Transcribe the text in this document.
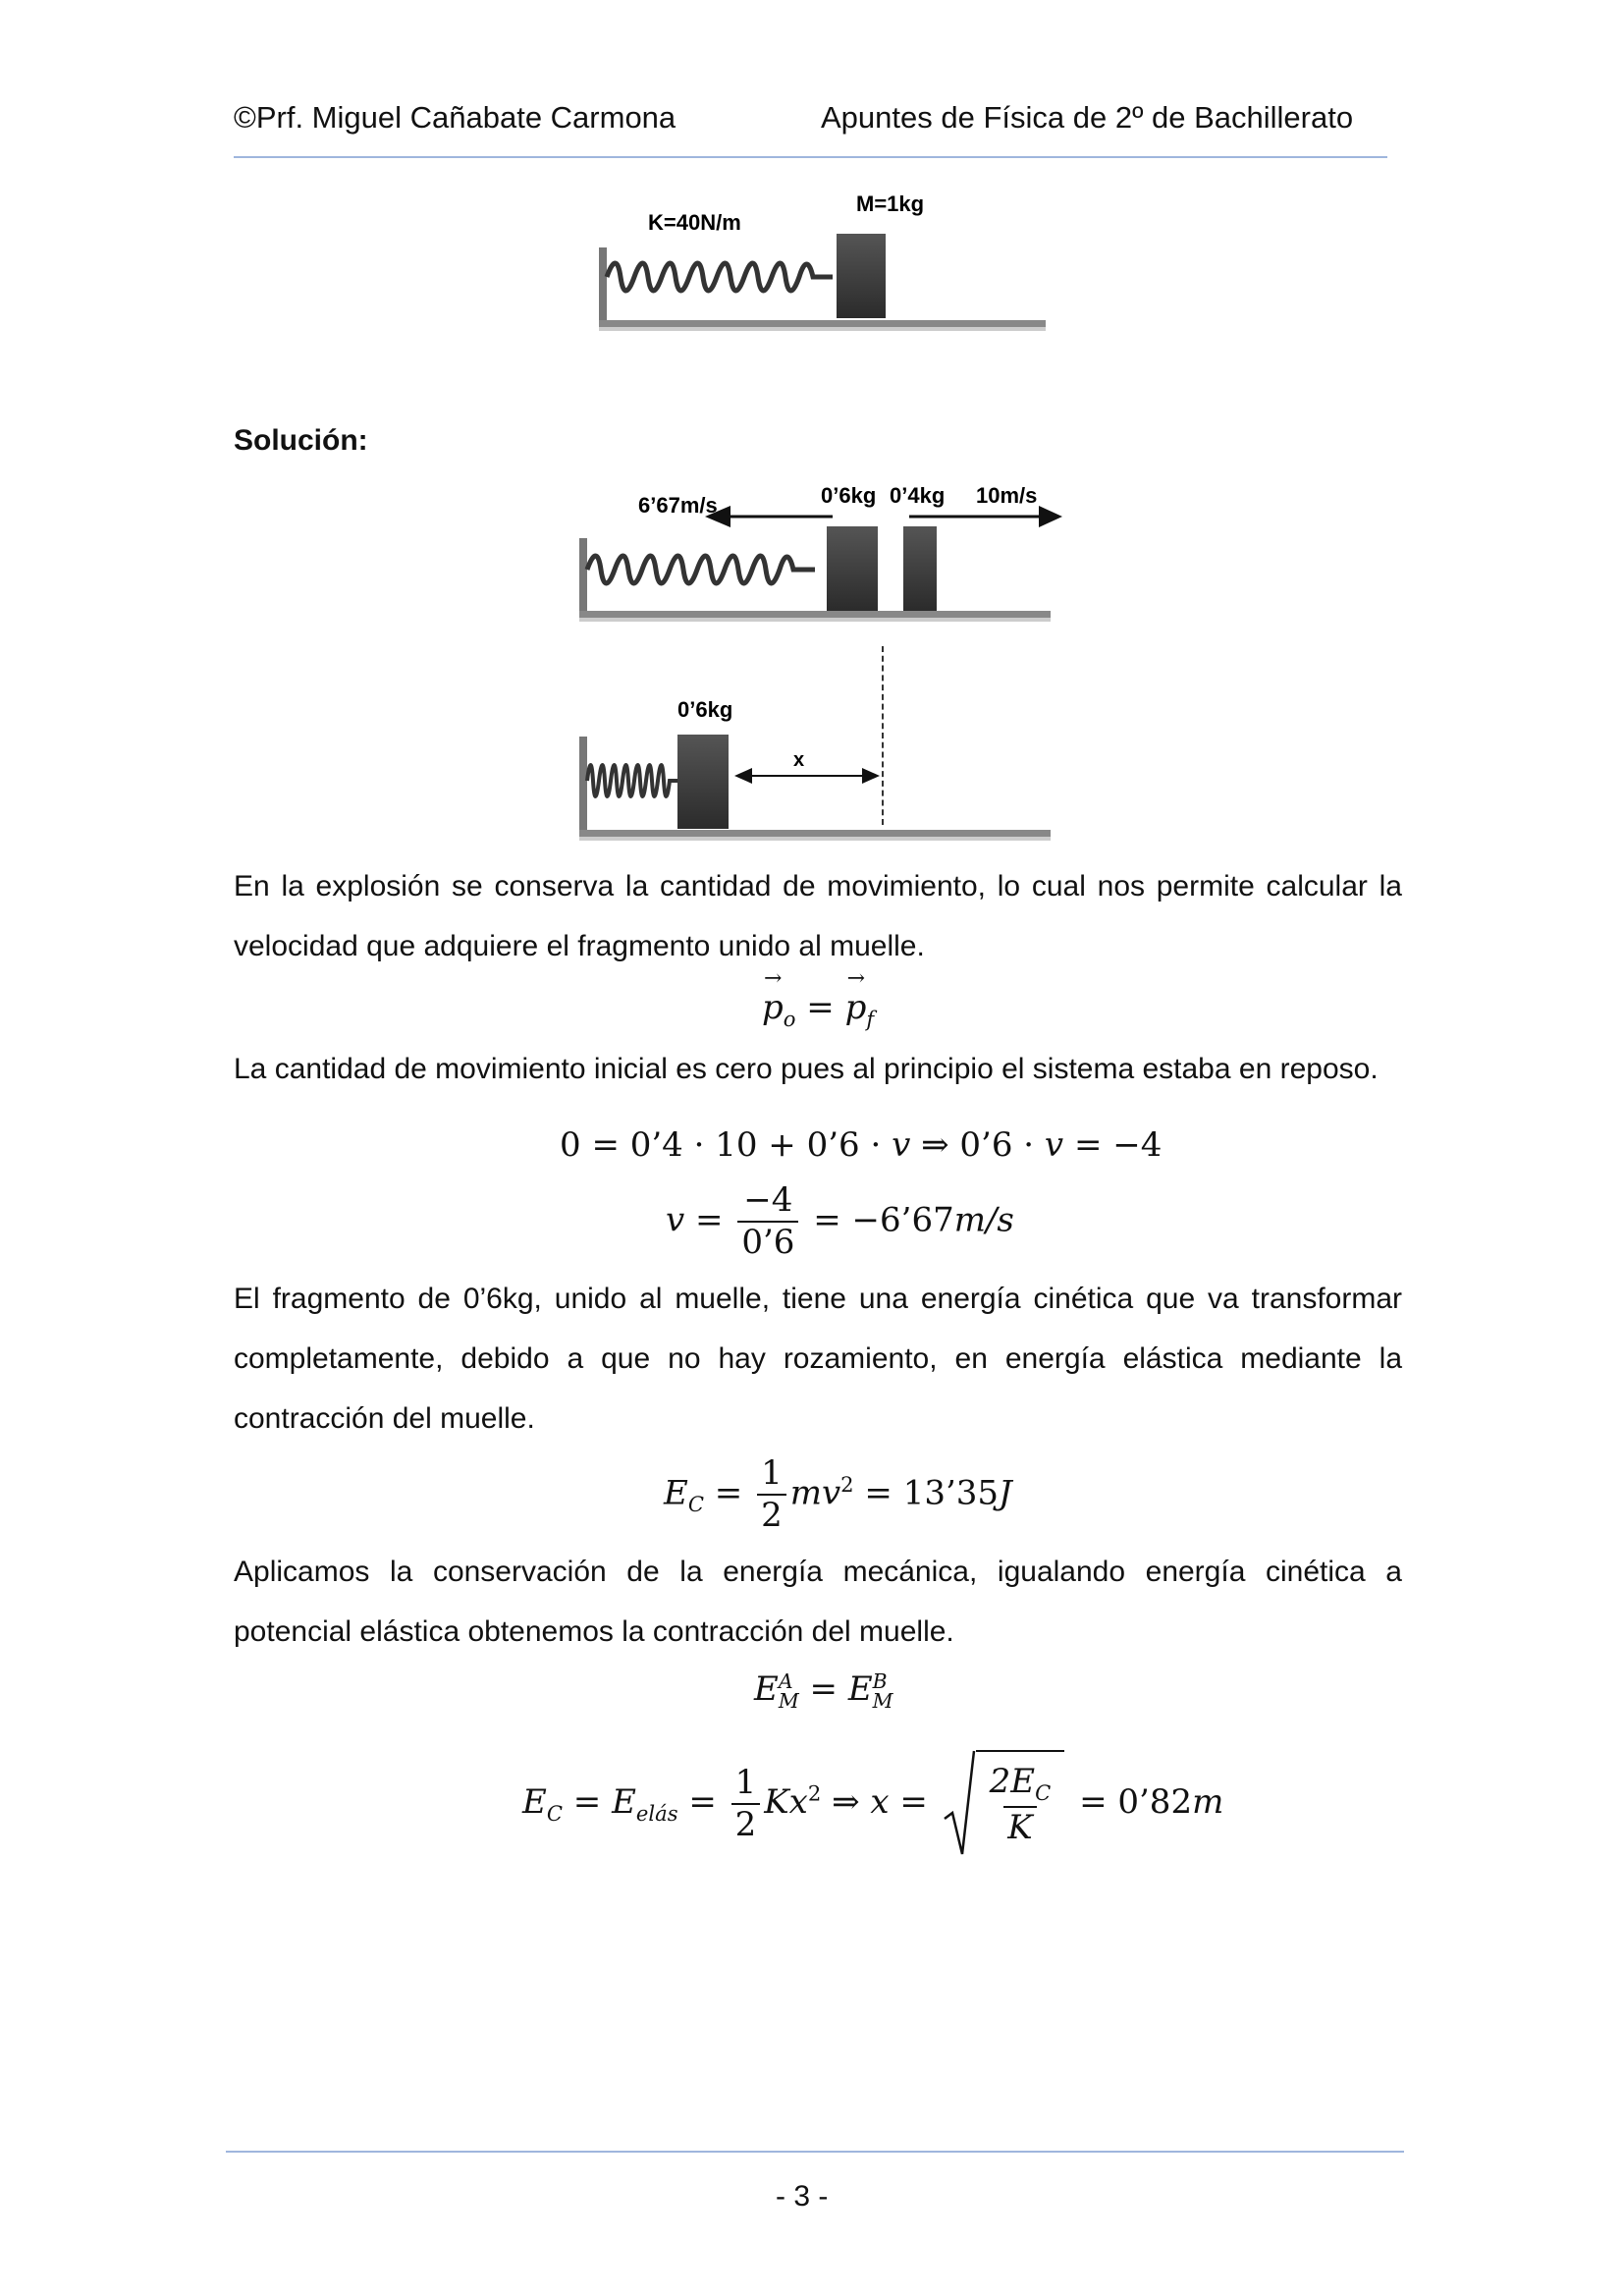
©Prf. Miguel Cañabate Carmona	Apuntes de Física de 2º de Bachillerato
K=40N/m
M=1kg
Solución:
6’67m/s	0’6kg 0’4kg 10m/s
0’6kg
x

En la explosión se conserva la cantidad de movimiento, lo cual nos permite calcular la velocidad que adquiere el fragmento unido al muelle.

p
→
$_o$ = p
→
$_f$

La cantidad de movimiento inicial es cero pues al principio el sistema estaba en reposo.

0 = 0’4 · 10 + 0’6 · v ⇒ 0’6 · v = −4
$v = \frac{-4}{0’6}$ = −6’67m/s

El fragmento de 0’6kg, unido al muelle, tiene una energía cinética que va transformar completamente, debido a que no hay rozamiento, en energía elástica mediante la contracción del muelle.

$E_C = \frac{1}{2} mv^2$ = 13’35J

Aplicamos la conservación de la energía mecánica, igualando energía cinética a potencial elástica obtenemos la contracción del muelle.

E A
M = E B
M
$E_C = E_{elás} = \frac{1}{2} Kx^2$ ⇒ $x = \frac{2E_C}{K}$ = 0’82m
- 3 -
